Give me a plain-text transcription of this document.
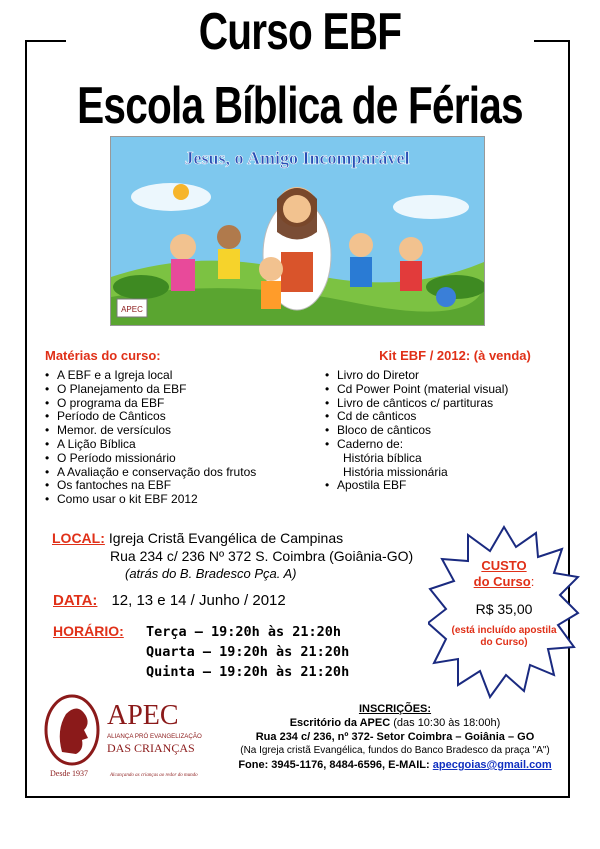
Curso EBF
Escola Bíblica de Férias
APEC
Jesus, o Amigo Incomparável
Matérias do curso:
• A EBF e a Igreja local
• O Planejamento da EBF
• O programa da EBF
• Período de Cânticos
• Memor. de versículos
• A Lição Bíblica
• O Período missionário
• A Avaliação e conservação dos frutos
• Os fantoches na EBF
• Como usar o kit EBF 2012
Kit EBF / 2012: (à venda)
• Livro do Diretor
• Cd Power Point (material visual)
• Livro de cânticos c/ partituras
• Cd de cânticos
• Bloco de cânticos
• Caderno de:
História bíblica
História missionária
• Apostila EBF
LOCAL: Igreja Cristã Evangélica de Campinas
Rua 234 c/ 236 Nº 372 S. Coimbra (Goiânia-GO)
(atrás do B. Bradesco Pça. A)
DATA: 12, 13 e 14 / Junho / 2012
HORÁRIO: Terça – 19:20h às 21:20h
Quarta – 19:20h às 21:20h
Quinta – 19:20h às 21:20h
CUSTO
do Curso:
R$ 35,00
(está incluído apostila do Curso)
Desde 1937
APEC
ALIANÇA PRÓ EVANGELIZAÇÃO
DAS CRIANÇAS
Alcançando as crianças ao redor do mundo
INSCRIÇÕES:
Escritório da APEC (das 10:30 às 18:00h)
Rua 234 c/ 236, nº 372- Setor Coimbra – Goiânia – GO
(Na Igreja cristã Evangélica, fundos do Banco Bradesco da praça "A")
Fone: 3945-1176, 8484-6596, E-MAIL: apecgoias@gmail.com
